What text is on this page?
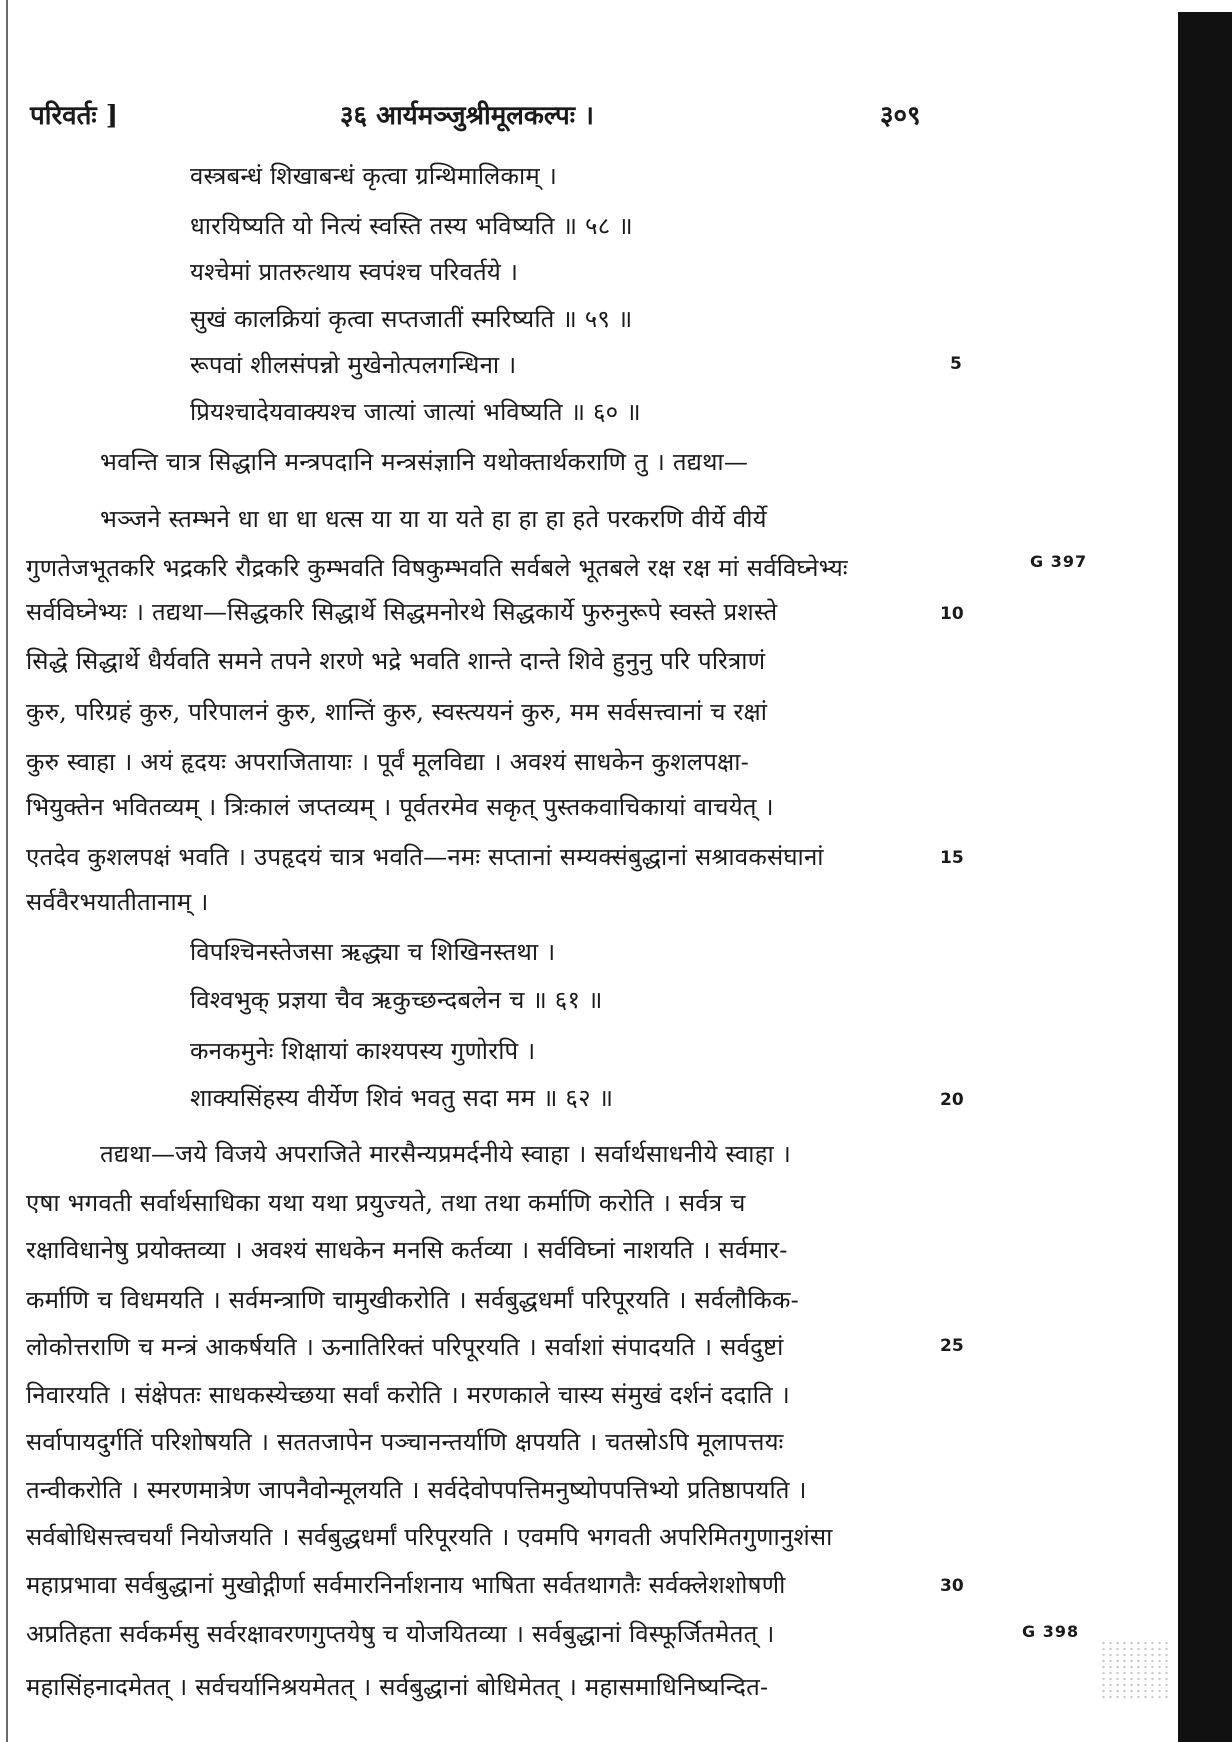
परिवर्तः ]	३६ आर्यमञ्जुश्रीमूलकल्पः ।	३०९
वस्त्रबन्धं शिखाबन्धं कृत्वा ग्रन्थिमालिकाम् ।
धारयिष्यति यो नित्यं स्वस्ति तस्य भविष्यति ॥ ५८ ॥
यश्चेमां प्रातरुत्थाय स्वपंश्च परिवर्तये ।
सुखं कालक्रियां कृत्वा सप्तजातीं स्मरिष्यति ॥ ५९ ॥
रूपवां शीलसंपन्नो मुखेनोत्पलगन्धिना ।
प्रियश्चादेयवाक्यश्च जात्यां जात्यां भविष्यति ॥ ६० ॥
भवन्ति चात्र सिद्धानि मन्त्रपदानि मन्त्रसंज्ञानि यथोक्तार्थकराणि तु । तद्यथा—
भञ्जने स्तम्भने धा धा धा धत्स या या या यते हा हा हा हते परकरणि वीर्ये वीर्ये
गुणतेजभूतकरि भद्रकरि रौद्रकरि कुम्भवति विषकुम्भवति सर्वबले भूतबले रक्ष रक्ष मां सर्वविघ्नेभ्यः
सर्वविघ्नेभ्यः । तद्यथा—सिद्धकरि सिद्धार्थे सिद्धमनोरथे सिद्धकार्ये फुरुनुरूपे स्वस्ते प्रशस्ते
सिद्धे सिद्धार्थे धैर्यवति समने तपने शरणे भद्रे भवति शान्ते दान्ते शिवे हुनुनु परि परित्राणं
कुरु, परिग्रहं कुरु, परिपालनं कुरु, शान्तिं कुरु, स्वस्त्ययनं कुरु, मम सर्वसत्त्वानां च रक्षां
कुरु स्वाहा । अयं हृदयः अपराजितायाः । पूर्वं मूलविद्या । अवश्यं साधकेन कुशलपक्षा-
भियुक्तेन भवितव्यम् । त्रिःकालं जप्तव्यम् । पूर्वतरमेव सकृत् पुस्तकवाचिकायां वाचयेत् ।
एतदेव कुशलपक्षं भवति । उपहृदयं चात्र भवति—नमः सप्तानां सम्यक्संबुद्धानां सश्रावकसंघानां
सर्ववैरभयातीतानाम् ।
विपश्चिनस्तेजसा ऋद्ध्या च शिखिनस्तथा ।
विश्वभुक् प्रज्ञया चैव ऋकुच्छन्दबलेन च ॥ ६१ ॥
कनकमुनेः शिक्षायां काश्यपस्य गुणोरपि ।
शाक्यसिंहस्य वीर्येण शिवं भवतु सदा मम ॥ ६२ ॥
तद्यथा—जये विजये अपराजिते मारसैन्यप्रमर्दनीये स्वाहा । सर्वार्थसाधनीये स्वाहा ।
एषा भगवती सर्वार्थसाधिका यथा यथा प्रयुज्यते, तथा तथा कर्माणि करोति । सर्वत्र च
रक्षाविधानेषु प्रयोक्तव्या । अवश्यं साधकेन मनसि कर्तव्या । सर्वविघ्नां नाशयति । सर्वमार-
कर्माणि च विधमयति । सर्वमन्त्राणि चामुखीकरोति । सर्वबुद्धधर्मां परिपूरयति । सर्वलौकिक-
लोकोत्तराणि च मन्त्रं आकर्षयति । ऊनातिरिक्तं परिपूरयति । सर्वाशां संपादयति । सर्वदुष्टां
निवारयति । संक्षेपतः साधकस्येच्छया सर्वां करोति । मरणकाले चास्य संमुखं दर्शनं ददाति ।
सर्वापायदुर्गतिं परिशोषयति । सततजापेन पञ्चानन्तर्याणि क्षपयति । चतस्रोऽपि मूलापत्तयः
तन्वीकरोति । स्मरणमात्रेण जापनैवोन्मूलयति । सर्वदेवोपपत्तिमनुष्योपपत्तिभ्यो प्रतिष्ठापयति ।
सर्वबोधिसत्त्वचर्यां नियोजयति । सर्वबुद्धधर्मां परिपूरयति । एवमपि भगवती अपरिमितगुणानुशंसा
महाप्रभावा सर्वबुद्धानां मुखोद्गीर्णा सर्वमारनिर्नाशनाय भाषिता सर्वतथागतैः सर्वक्लेशशोषणी
अप्रतिहता सर्वकर्मसु सर्वरक्षावरणगुप्तयेषु च योजयितव्या । सर्वबुद्धानां विस्फूर्जितमेतत् ।
महासिंहनादमेतत् । सर्वचर्यानिश्रयमेतत् । सर्वबुद्धानां बोधिमेतत् । महासमाधिनिष्यन्दित-
5
10
15
20
25
30
G 397
G 398
